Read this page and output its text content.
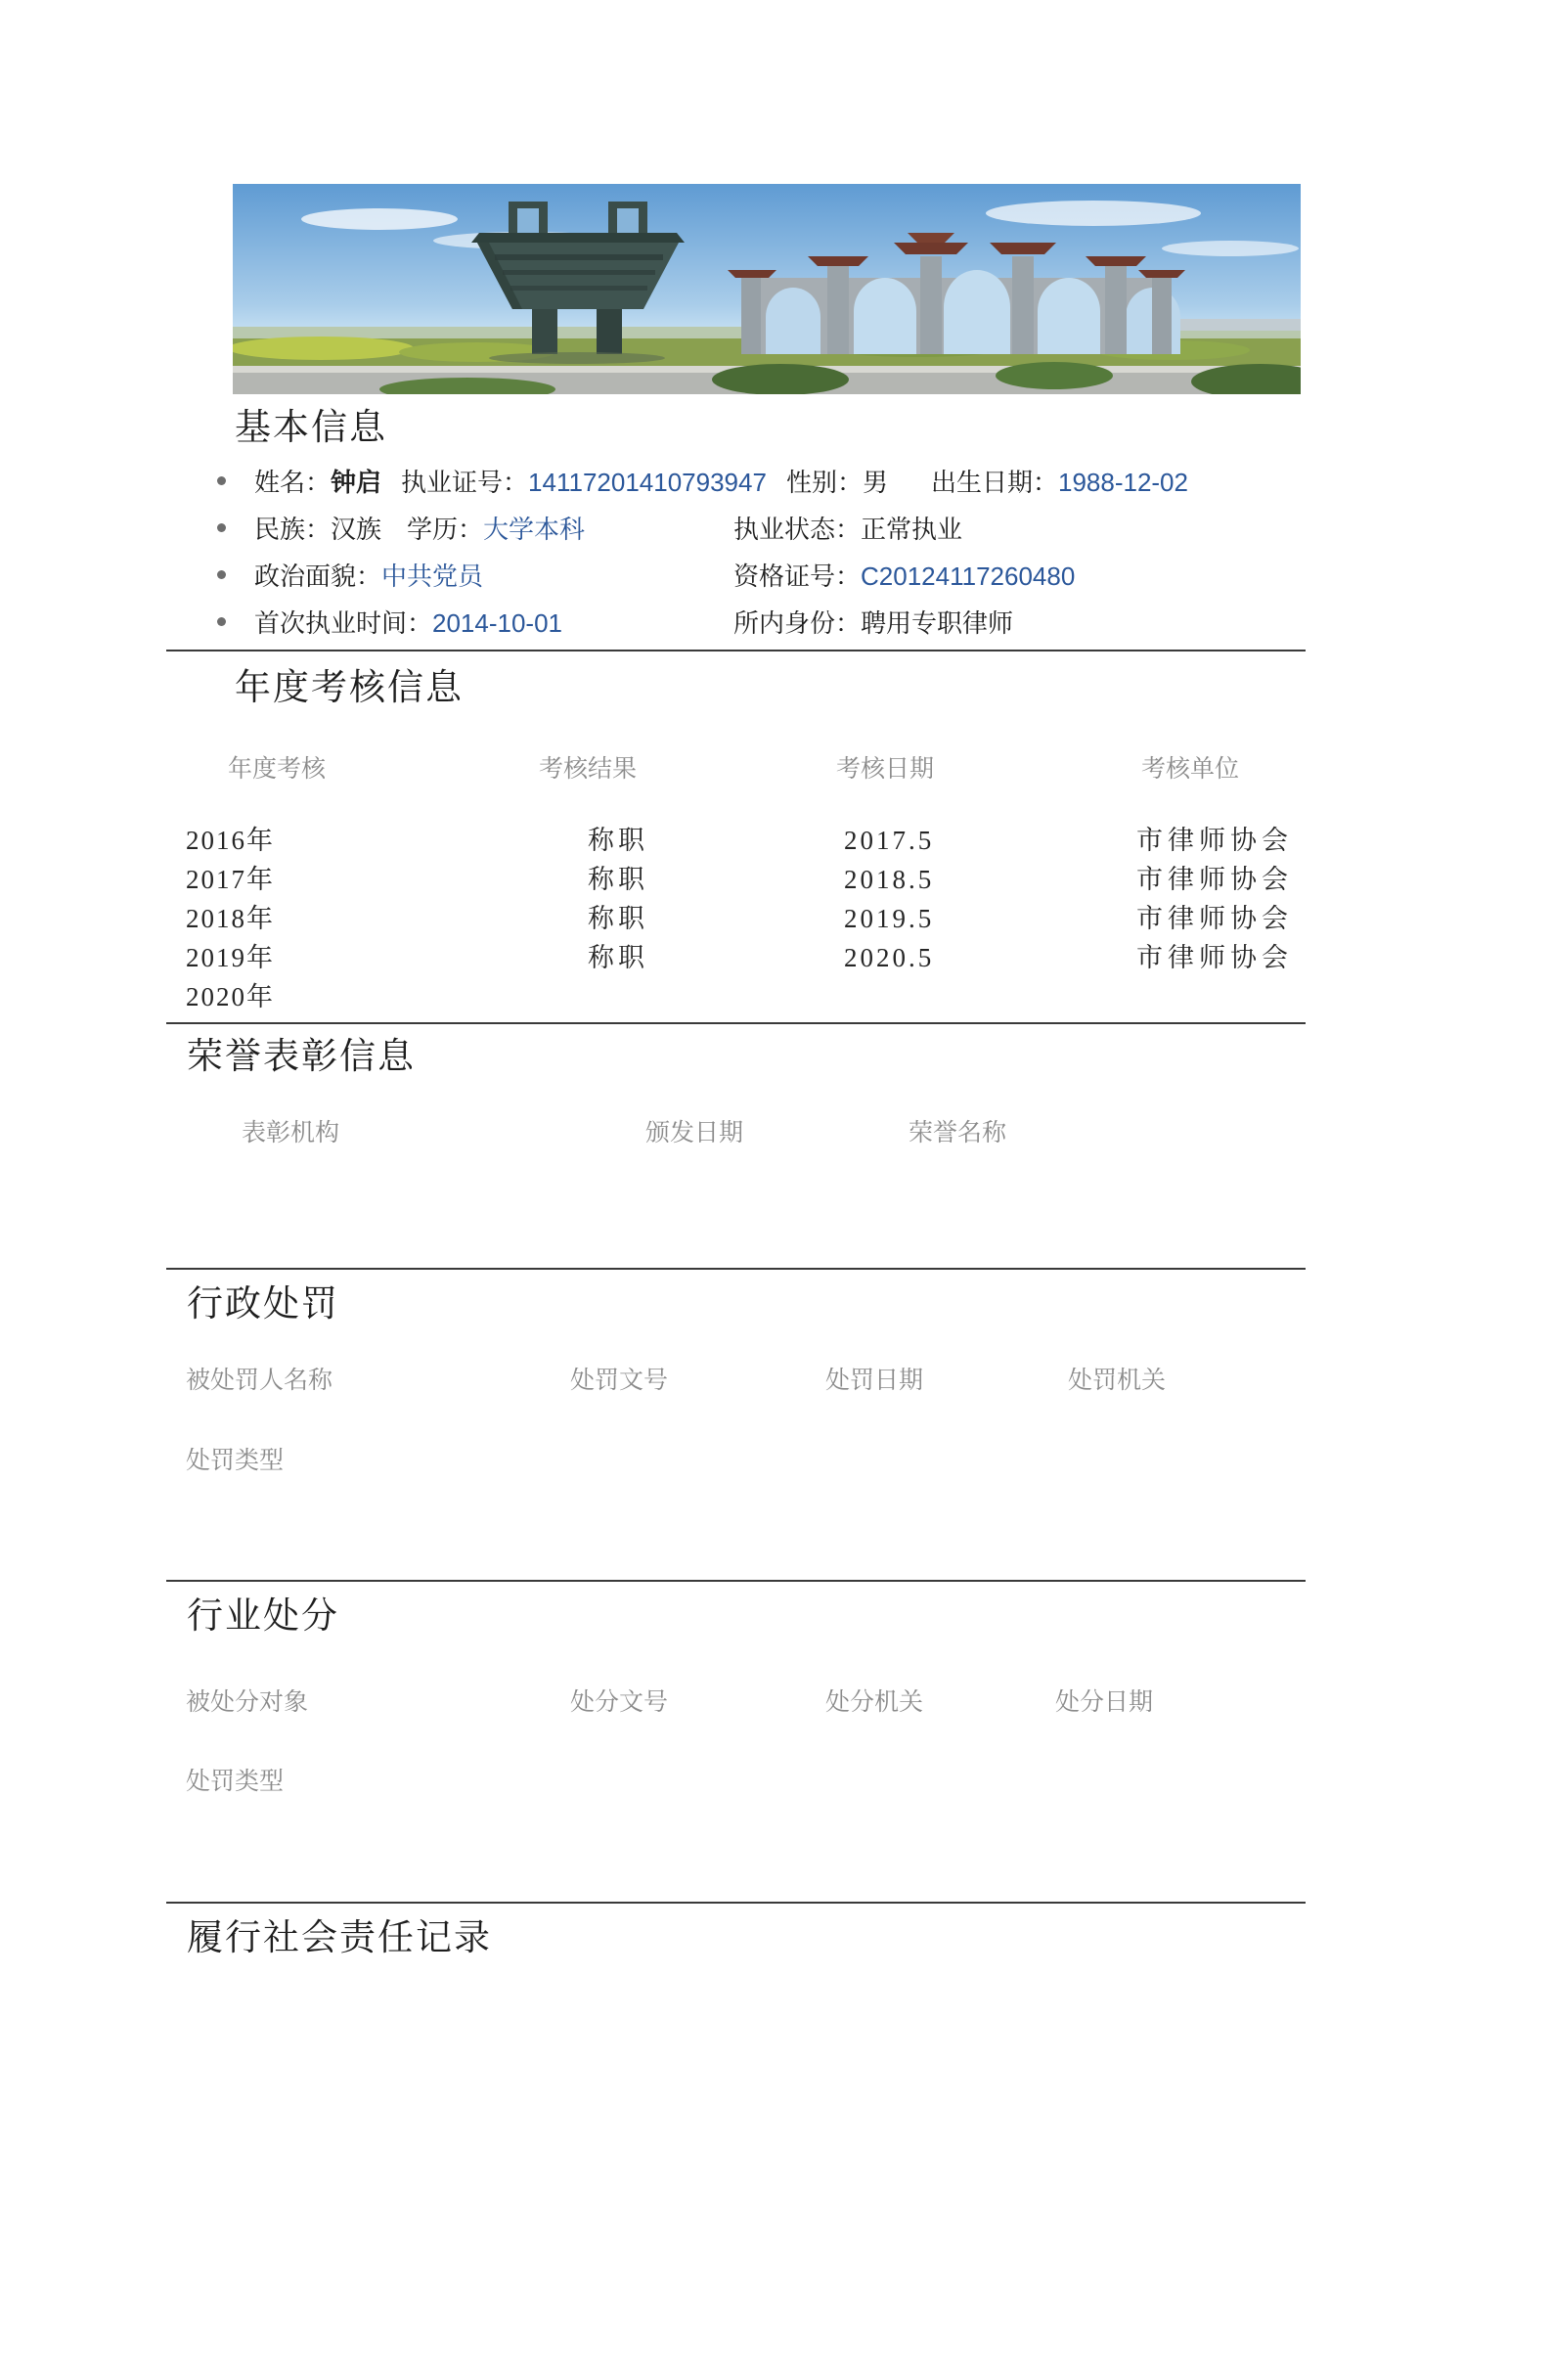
基本信息
姓名：钟启 执业证号：14117201410793947 性别：男 出生日期：1988-12-02
民族：汉族 学历：大学本科	执业状态：正常执业
政治面貌：中共党员	资格证号：C20124117260480
首次执业时间：2014-10-01	所内身份：聘用专职律师
年度考核信息
年度考核	考核结果	考核日期	考核单位
2016年	称职	2017.5	市律师协会
2017年	称职	2018.5	市律师协会
2018年	称职	2019.5	市律师协会
2019年	称职	2020.5	市律师协会
2020年
荣誉表彰信息
表彰机构	颁发日期	荣誉名称
行政处罚
被处罚人名称	处罚文号	处罚日期	处罚机关
处罚类型
行业处分
被处分对象	处分文号	处分机关	处分日期
处罚类型
履行社会责任记录
